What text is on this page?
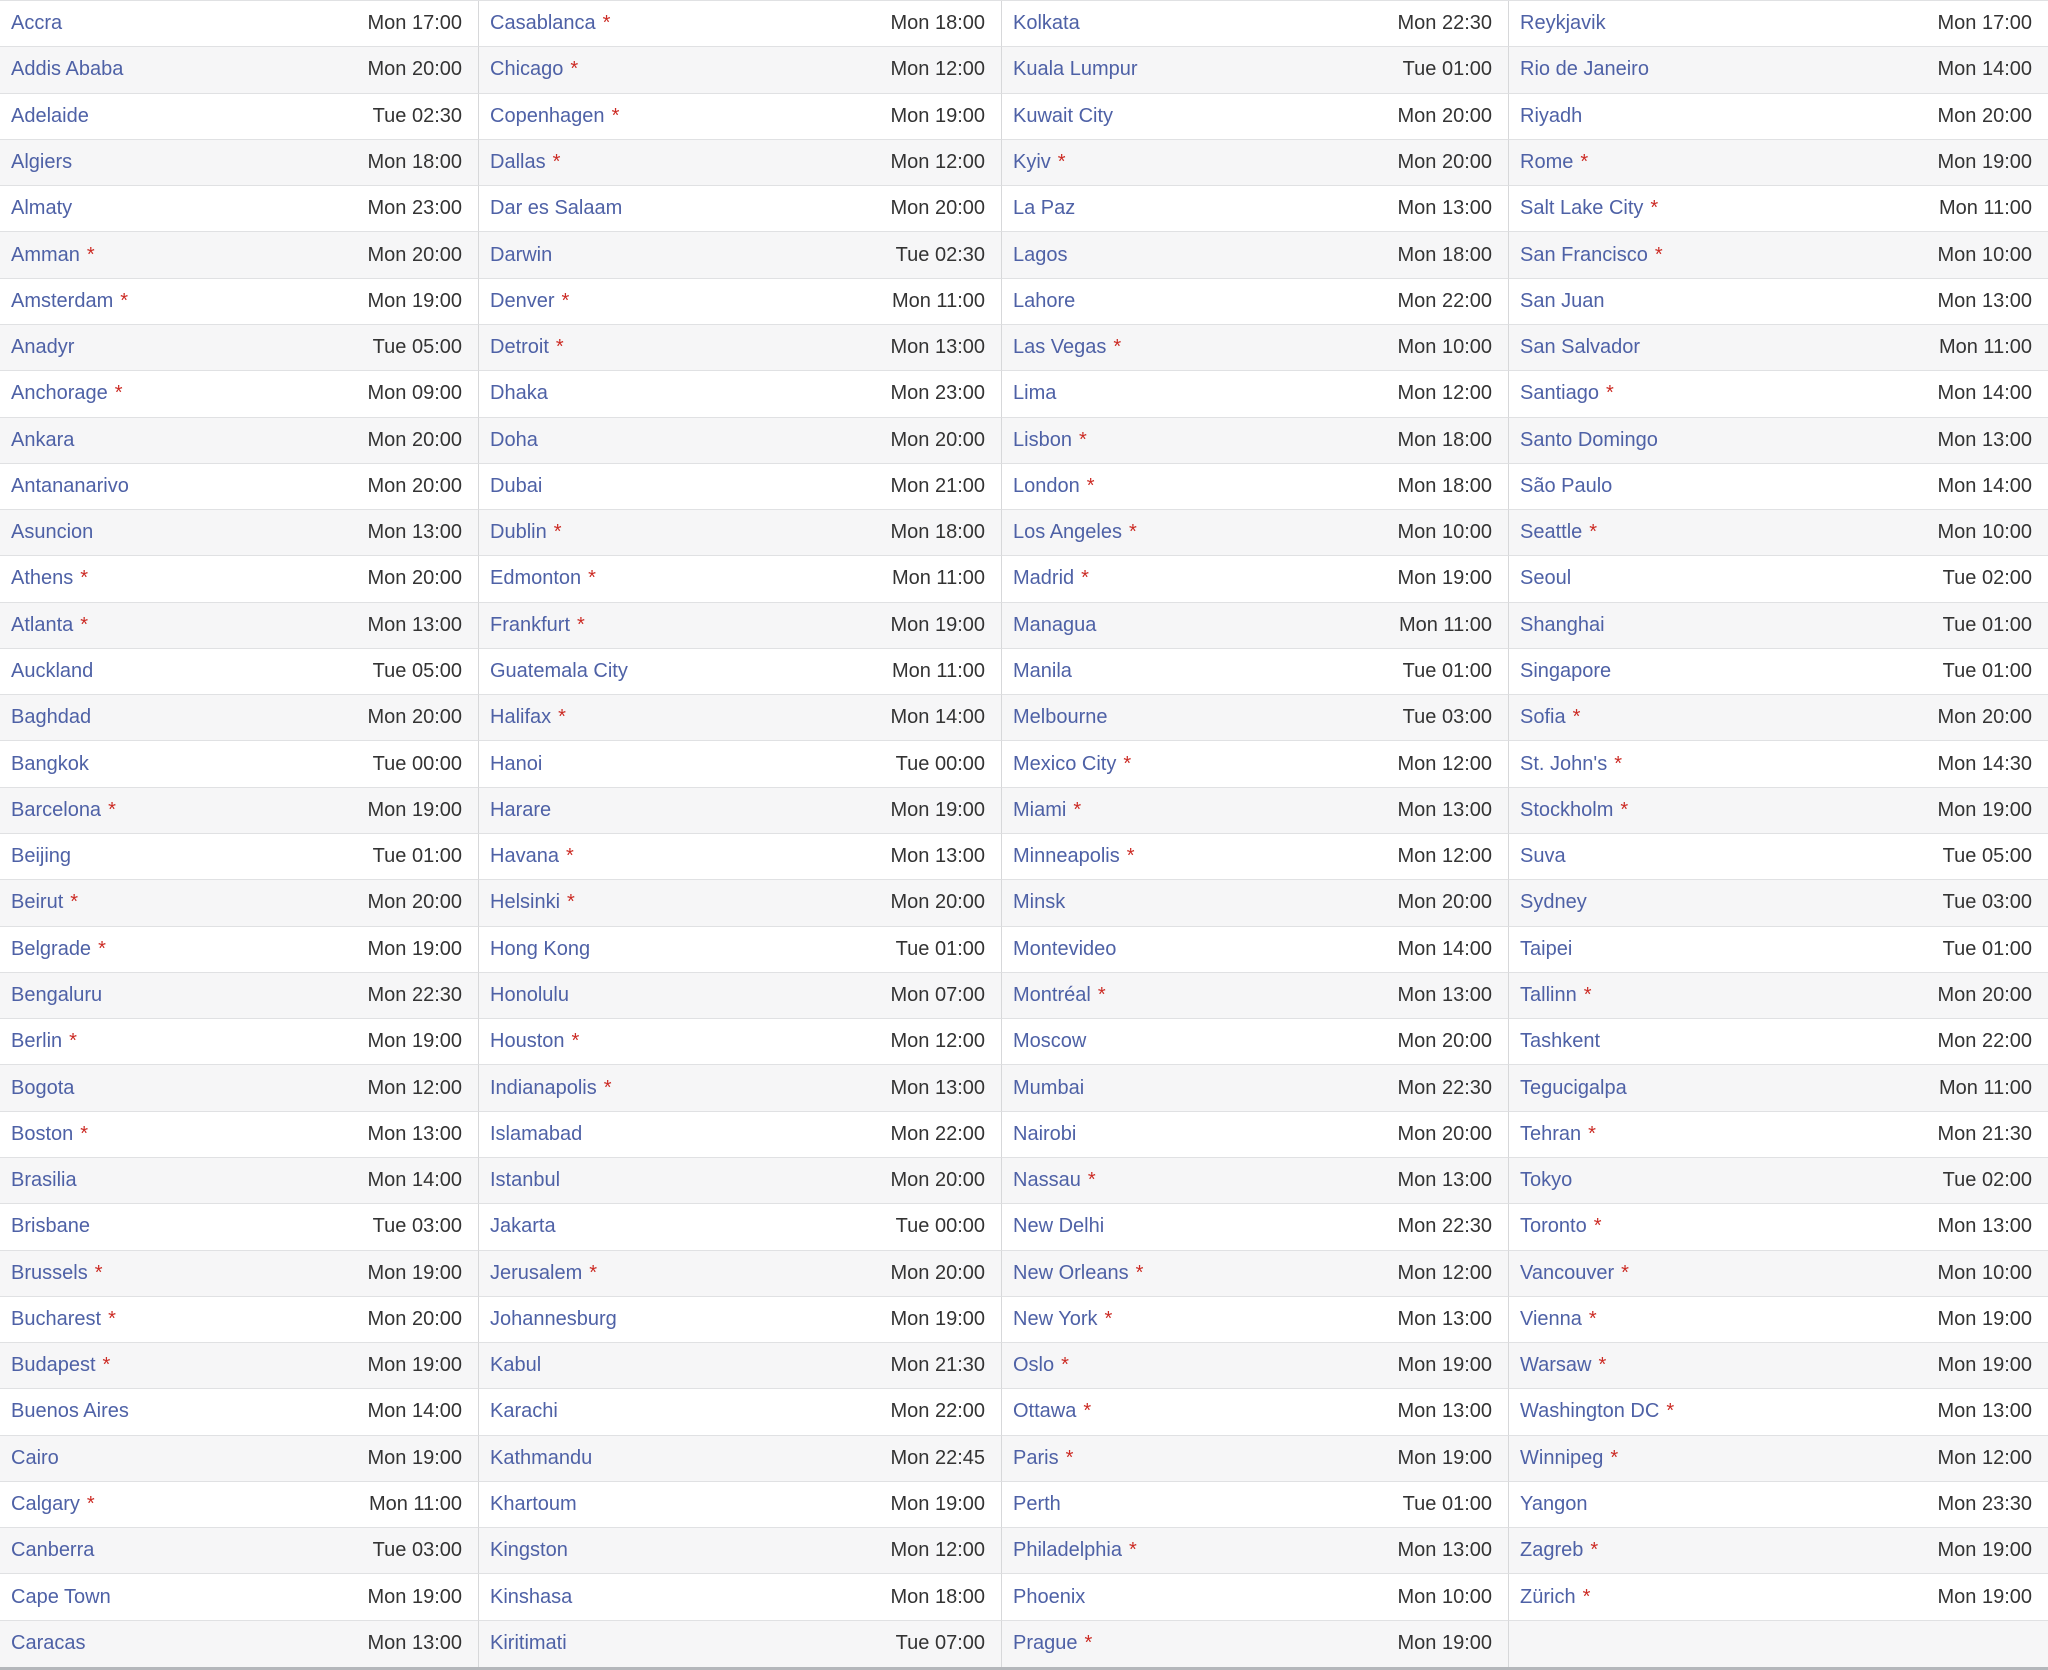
Accra	Mon 17:00
Addis Ababa	Mon 20:00
Adelaide	Tue 02:30
Algiers	Mon 18:00
Almaty	Mon 23:00
Amman *	Mon 20:00
Amsterdam *	Mon 19:00
Anadyr	Tue 05:00
Anchorage *	Mon 09:00
Ankara	Mon 20:00
Antananarivo	Mon 20:00
Asuncion	Mon 13:00
Athens *	Mon 20:00
Atlanta *	Mon 13:00
Auckland	Tue 05:00
Baghdad	Mon 20:00
Bangkok	Tue 00:00
Barcelona *	Mon 19:00
Beijing	Tue 01:00
Beirut *	Mon 20:00
Belgrade *	Mon 19:00
Bengaluru	Mon 22:30
Berlin *	Mon 19:00
Bogota	Mon 12:00
Boston *	Mon 13:00
Brasilia	Mon 14:00
Brisbane	Tue 03:00
Brussels *	Mon 19:00
Bucharest *	Mon 20:00
Budapest *	Mon 19:00
Buenos Aires	Mon 14:00
Cairo	Mon 19:00
Calgary *	Mon 11:00
Canberra	Tue 03:00
Cape Town	Mon 19:00
Caracas	Mon 13:00
Casablanca *	Mon 18:00
Chicago *	Mon 12:00
Copenhagen *	Mon 19:00
Dallas *	Mon 12:00
Dar es Salaam	Mon 20:00
Darwin	Tue 02:30
Denver *	Mon 11:00
Detroit *	Mon 13:00
Dhaka	Mon 23:00
Doha	Mon 20:00
Dubai	Mon 21:00
Dublin *	Mon 18:00
Edmonton *	Mon 11:00
Frankfurt *	Mon 19:00
Guatemala City	Mon 11:00
Halifax *	Mon 14:00
Hanoi	Tue 00:00
Harare	Mon 19:00
Havana *	Mon 13:00
Helsinki *	Mon 20:00
Hong Kong	Tue 01:00
Honolulu	Mon 07:00
Houston *	Mon 12:00
Indianapolis *	Mon 13:00
Islamabad	Mon 22:00
Istanbul	Mon 20:00
Jakarta	Tue 00:00
Jerusalem *	Mon 20:00
Johannesburg	Mon 19:00
Kabul	Mon 21:30
Karachi	Mon 22:00
Kathmandu	Mon 22:45
Khartoum	Mon 19:00
Kingston	Mon 12:00
Kinshasa	Mon 18:00
Kiritimati	Tue 07:00
Kolkata	Mon 22:30
Kuala Lumpur	Tue 01:00
Kuwait City	Mon 20:00
Kyiv *	Mon 20:00
La Paz	Mon 13:00
Lagos	Mon 18:00
Lahore	Mon 22:00
Las Vegas *	Mon 10:00
Lima	Mon 12:00
Lisbon *	Mon 18:00
London *	Mon 18:00
Los Angeles *	Mon 10:00
Madrid *	Mon 19:00
Managua	Mon 11:00
Manila	Tue 01:00
Melbourne	Tue 03:00
Mexico City *	Mon 12:00
Miami *	Mon 13:00
Minneapolis *	Mon 12:00
Minsk	Mon 20:00
Montevideo	Mon 14:00
Montréal *	Mon 13:00
Moscow	Mon 20:00
Mumbai	Mon 22:30
Nairobi	Mon 20:00
Nassau *	Mon 13:00
New Delhi	Mon 22:30
New Orleans *	Mon 12:00
New York *	Mon 13:00
Oslo *	Mon 19:00
Ottawa *	Mon 13:00
Paris *	Mon 19:00
Perth	Tue 01:00
Philadelphia *	Mon 13:00
Phoenix	Mon 10:00
Prague *	Mon 19:00
Reykjavik	Mon 17:00
Rio de Janeiro	Mon 14:00
Riyadh	Mon 20:00
Rome *	Mon 19:00
Salt Lake City *	Mon 11:00
San Francisco *	Mon 10:00
San Juan	Mon 13:00
San Salvador	Mon 11:00
Santiago *	Mon 14:00
Santo Domingo	Mon 13:00
São Paulo	Mon 14:00
Seattle *	Mon 10:00
Seoul	Tue 02:00
Shanghai	Tue 01:00
Singapore	Tue 01:00
Sofia *	Mon 20:00
St. John's *	Mon 14:30
Stockholm *	Mon 19:00
Suva	Tue 05:00
Sydney	Tue 03:00
Taipei	Tue 01:00
Tallinn *	Mon 20:00
Tashkent	Mon 22:00
Tegucigalpa	Mon 11:00
Tehran *	Mon 21:30
Tokyo	Tue 02:00
Toronto *	Mon 13:00
Vancouver *	Mon 10:00
Vienna *	Mon 19:00
Warsaw *	Mon 19:00
Washington DC *	Mon 13:00
Winnipeg *	Mon 12:00
Yangon	Mon 23:30
Zagreb *	Mon 19:00
Zürich *	Mon 19:00
